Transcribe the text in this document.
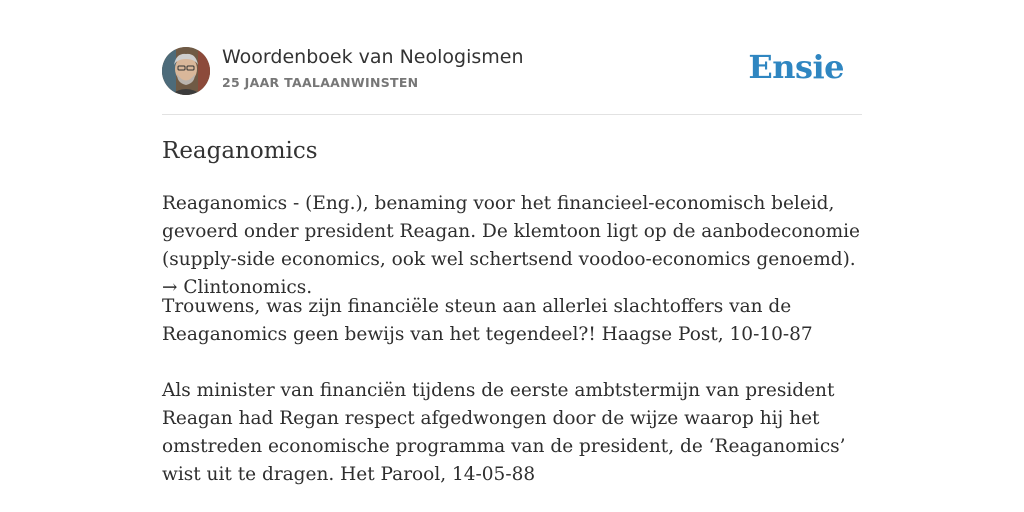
Woordenboek van Neologismen
25 JAAR TAALAANWINSTEN	Ensie
Reaganomics
Reaganomics - (Eng.), benaming voor het financieel-economisch beleid, gevoerd onder president Reagan. De klemtoon ligt op de aanbodeconomie (supply-side economics, ook wel schertsend voodoo-economics genoemd). → Clintonomics.
Trouwens, was zijn financiële steun aan allerlei slachtoffers van de Reaganomics geen bewijs van het tegendeel?! Haagse Post, 10-10-87
Als minister van financiën tijdens de eerste ambtstermijn van president Reagan had Regan respect afgedwongen door de wijze waarop hij het omstreden economische programma van de president, de ‘Reaganomics’ wist uit te dragen. Het Parool, 14-05-88
